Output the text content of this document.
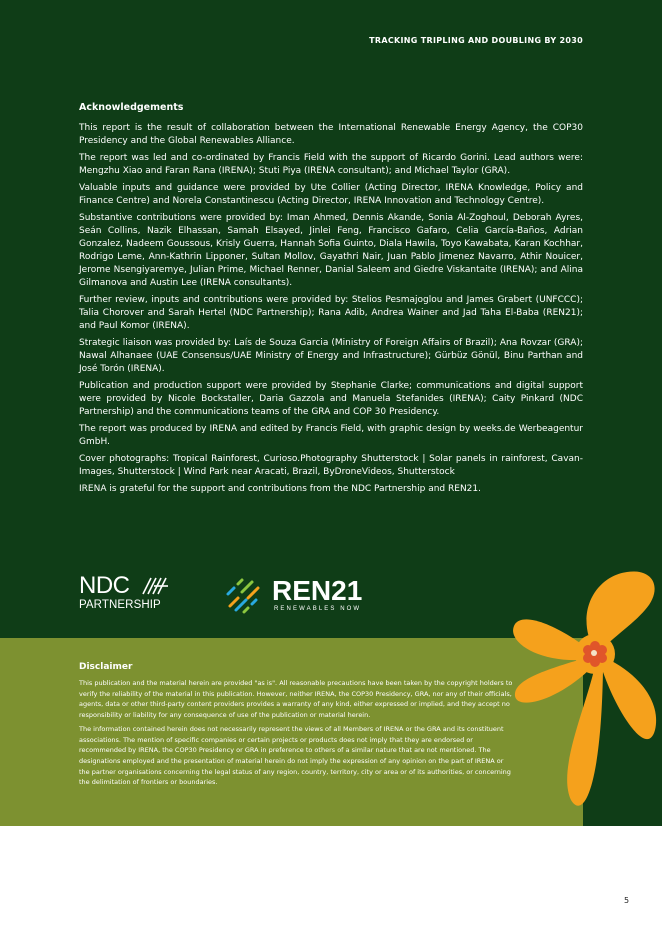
TRACKING TRIPLING AND DOUBLING BY 2030
Acknowledgements

This report is the result of collaboration between the International Renewable Energy Agency, the COP30 Presidency and the Global Renewables Alliance.

The report was led and co-ordinated by Francis Field with the support of Ricardo Gorini. Lead authors were: Mengzhu Xiao and Faran Rana (IRENA); Stuti Piya (IRENA consultant); and Michael Taylor (GRA).

Valuable inputs and guidance were provided by Ute Collier (Acting Director, IRENA Knowledge, Policy and Finance Centre) and Norela Constantinescu (Acting Director, IRENA Innovation and Technology Centre).

Substantive contributions were provided by: Iman Ahmed, Dennis Akande, Sonia Al-Zoghoul, Deborah Ayres, Seán Collins, Nazik Elhassan, Samah Elsayed, Jinlei Feng, Francisco Gafaro, Celia García-Baños, Adrian Gonzalez, Nadeem Goussous, Krisly Guerra, Hannah Sofia Guinto, Diala Hawila, Toyo Kawabata, Karan Kochhar, Rodrigo Leme, Ann-Kathrin Lipponer, Sultan Mollov, Gayathri Nair, Juan Pablo Jimenez Navarro, Athir Nouicer, Jerome Nsengiyaremye, Julian Prime, Michael Renner, Danial Saleem and Giedre Viskantaite (IRENA); and Alina Gilmanova and Austin Lee (IRENA consultants).

Further review, inputs and contributions were provided by: Stelios Pesmajoglou and James Grabert (UNFCCC); Talia Chorover and Sarah Hertel (NDC Partnership); Rana Adib, Andrea Wainer and Jad Taha El-Baba (REN21); and Paul Komor (IRENA).

Strategic liaison was provided by: Laís de Souza Garcia (Ministry of Foreign Affairs of Brazil); Ana Rovzar (GRA); Nawal Alhanaee (UAE Consensus/UAE Ministry of Energy and Infrastructure); Gürbüz Gönül, Binu Parthan and José Torón (IRENA).

Publication and production support were provided by Stephanie Clarke; communications and digital support were provided by Nicole Bockstaller, Daria Gazzola and Manuela Stefanides (IRENA); Caity Pinkard (NDC Partnership) and the communications teams of the GRA and COP 30 Presidency.

The report was produced by IRENA and edited by Francis Field, with graphic design by weeks.de Werbeagentur GmbH.

Cover photographs: Tropical Rainforest, Curioso.Photography Shutterstock | Solar panels in rainforest, Cavan-Images, Shutterstock | Wind Park near Aracati, Brazil, ByDroneVideos, Shutterstock

IRENA is grateful for the support and contributions from the NDC Partnership and REN21.

NDC
PARTNERSHIP	REN21
RENEWABLES NOW
Disclaimer

This publication and the material herein are provided "as is". All reasonable precautions have been taken by the copyright holders to verify the reliability of the material in this publication. However, neither IRENA, the COP30 Presidency, GRA, nor any of their officials, agents, data or other third-party content providers provides a warranty of any kind, either expressed or implied, and they accept no responsibility or liability for any consequence of use of the publication or material herein.

The information contained herein does not necessarily represent the views of all Members of IRENA or the GRA and its constituent associations. The mention of specific companies or certain projects or products does not imply that they are endorsed or recommended by IRENA, the COP30 Presidency or GRA in preference to others of a similar nature that are not mentioned. The designations employed and the presentation of material herein do not imply the expression of any opinion on the part of IRENA or the partner organisations concerning the legal status of any region, country, territory, city or area or of its authorities, or concerning the delimitation of frontiers or boundaries.

5
